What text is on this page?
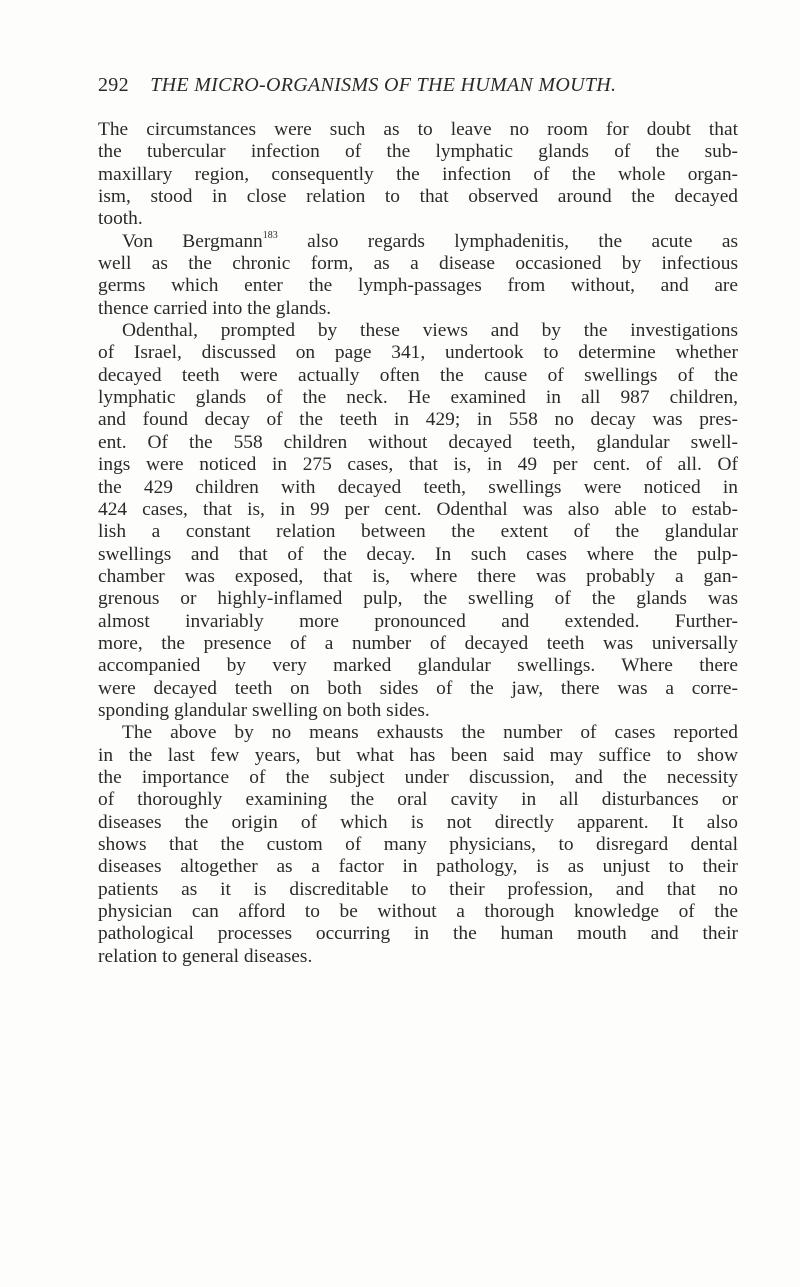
292 THE MICRO-ORGANISMS OF THE HUMAN MOUTH.
The circumstances were such as to leave no room for doubt that
the tubercular infection of the lymphatic glands of the sub-
maxillary region, consequently the infection of the whole organ-
ism, stood in close relation to that observed around the decayed
tooth.
Von Bergmann$^{183}$ also regards lymphadenitis, the acute as
well as the chronic form, as a disease occasioned by infectious
germs which enter the lymph-passages from without, and are
thence carried into the glands.
Odenthal, prompted by these views and by the investigations
of Israel, discussed on page 341, undertook to determine whether
decayed teeth were actually often the cause of swellings of the
lymphatic glands of the neck. He examined in all 987 children,
and found decay of the teeth in 429; in 558 no decay was pres-
ent. Of the 558 children without decayed teeth, glandular swell-
ings were noticed in 275 cases, that is, in 49 per cent. of all. Of
the 429 children with decayed teeth, swellings were noticed in
424 cases, that is, in 99 per cent. Odenthal was also able to estab-
lish a constant relation between the extent of the glandular
swellings and that of the decay. In such cases where the pulp-
chamber was exposed, that is, where there was probably a gan-
grenous or highly-inflamed pulp, the swelling of the glands was
almost invariably more pronounced and extended. Further-
more, the presence of a number of decayed teeth was universally
accompanied by very marked glandular swellings. Where there
were decayed teeth on both sides of the jaw, there was a corre-
sponding glandular swelling on both sides.
The above by no means exhausts the number of cases reported
in the last few years, but what has been said may suffice to show
the importance of the subject under discussion, and the necessity
of thoroughly examining the oral cavity in all disturbances or
diseases the origin of which is not directly apparent. It also
shows that the custom of many physicians, to disregard dental
diseases altogether as a factor in pathology, is as unjust to their
patients as it is discreditable to their profession, and that no
physician can afford to be without a thorough knowledge of the
pathological processes occurring in the human mouth and their
relation to general diseases.
